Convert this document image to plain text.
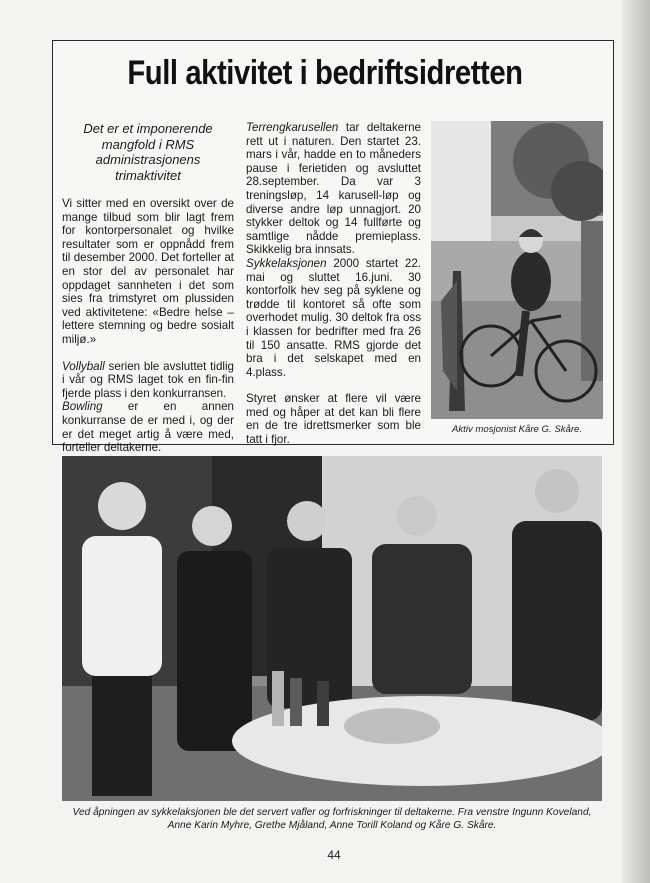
Full aktivitet i bedriftsidretten

Det er et imponerende mangfold i RMS administrasjonens trimaktivitet

Vi sitter med en oversikt over de mange tilbud som blir lagt frem for kontorpersonalet og hvilke resultater som er oppnådd frem til desember 2000. Det forteller at en stor del av personalet har oppdaget sannheten i det som sies fra trimstyret om plussiden ved aktivitetene: «Bedre helse – lettere stemning og bedre sosialt miljø.»

Vollyball serien ble avsluttet tidlig i vår og RMS laget tok en fin-fin fjerde plass i den konkurransen.
Bowling er en annen konkurranse de er med i, og der er det meget artig å være med, forteller deltakerne.

Terrengkarusellen tar deltakerne rett ut i naturen. Den startet 23. mars i vår, hadde en to måneders pause i ferietiden og avsluttet 28.september. Da var 3 treningsløp, 14 karusell-løp og diverse andre løp unnagjort. 20 stykker deltok og 14 fullførte og samtlige nådde premieplass. Skikkelig bra innsats.
Sykkelaksjonen 2000 startet 22. mai og sluttet 16.juni. 30 kontorfolk hev seg på syklene og trødde til kontoret så ofte som overhodet mulig. 30 deltok fra oss i klassen for bedrifter med fra 26 til 150 ansatte. RMS gjorde det bra i det selskapet med en 4.plass.

Styret ønsker at flere vil være med og håper at det kan bli flere en de tre idrettsmerker som ble tatt i fjor.

Aktiv mosjonist Kåre G. Skåre.
Ved åpningen av sykkelaksjonen ble det servert vafler og forfriskninger til deltakerne. Fra venstre Ingunn Koveland, Anne Karin Myhre, Grethe Mjåland, Anne Torill Koland og Kåre G. Skåre.
44
